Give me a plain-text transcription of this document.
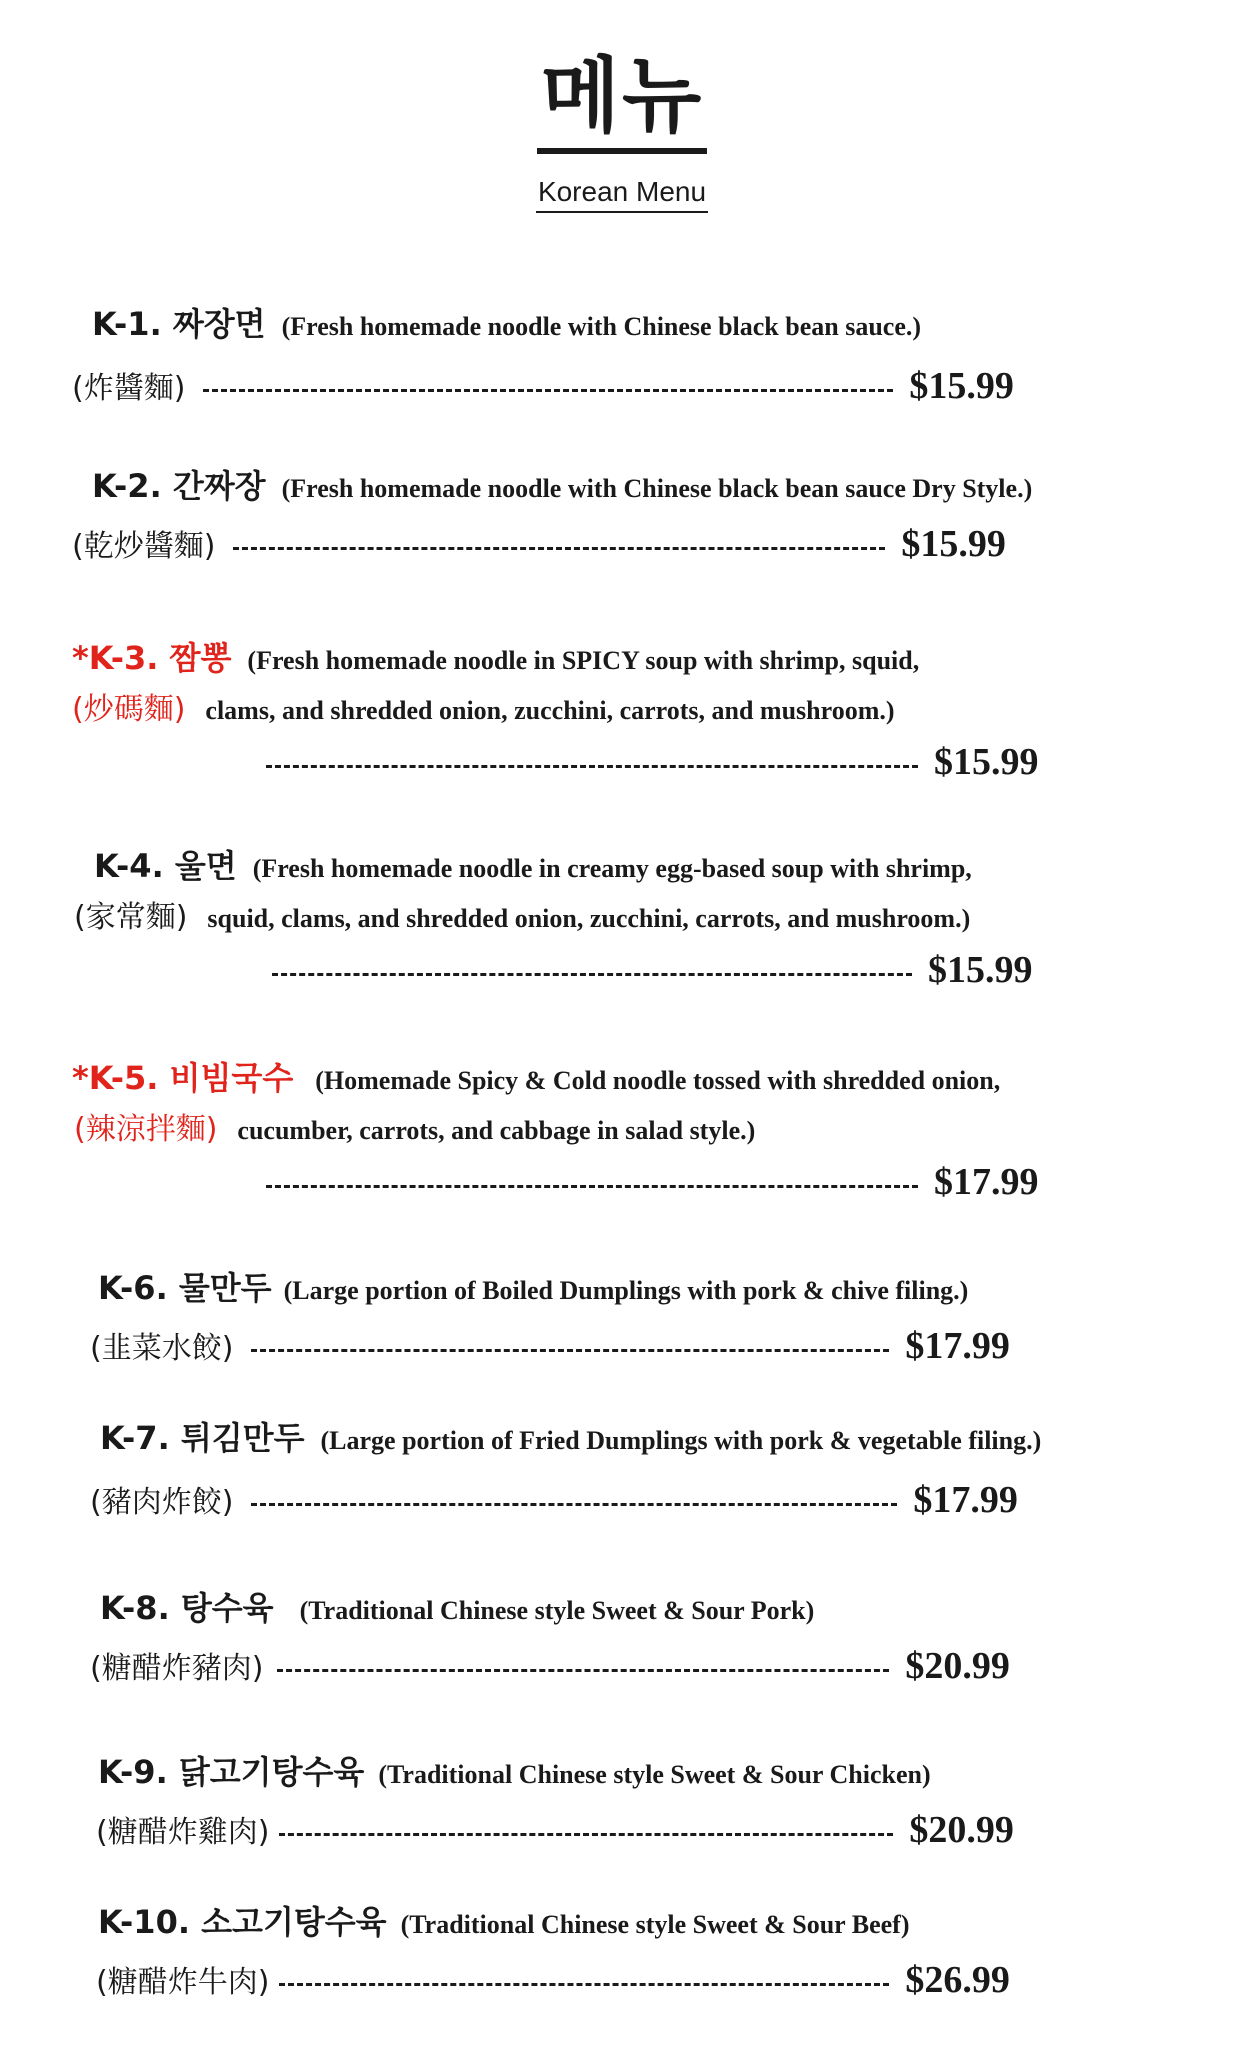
메뉴
Korean Menu
K-1. 짜장면 (Fresh homemade noodle with Chinese black bean sauce.)
(炸醬麵)	$15.99
K-2. 간짜장 (Fresh homemade noodle with Chinese black bean sauce Dry Style.)
(乾炒醬麵)	$15.99
*K-3. 짬뽕 (Fresh homemade noodle in SPICY soup with shrimp, squid,
(炒碼麵) clams, and shredded onion, zucchini, carrots, and mushroom.)
$15.99
K-4. 울면 (Fresh homemade noodle in creamy egg-based soup with shrimp,
(家常麵) squid, clams, and shredded onion, zucchini, carrots, and mushroom.)
$15.99
*K-5. 비빔국수 (Homemade Spicy & Cold noodle tossed with shredded onion,
(辣涼拌麵) cucumber, carrots, and cabbage in salad style.)
$17.99
K-6. 물만두 (Large portion of Boiled Dumplings with pork & chive filing.)
(韭菜水餃)	$17.99
K-7. 튀김만두 (Large portion of Fried Dumplings with pork & vegetable filing.)
(豬肉炸餃)	$17.99
K-8. 탕수육 (Traditional Chinese style Sweet & Sour Pork)
(糖醋炸豬肉)	$20.99
K-9. 닭고기탕수육 (Traditional Chinese style Sweet & Sour Chicken)
(糖醋炸雞肉)	$20.99
K-10. 소고기탕수육 (Traditional Chinese style Sweet & Sour Beef)
(糖醋炸牛肉)	$26.99
